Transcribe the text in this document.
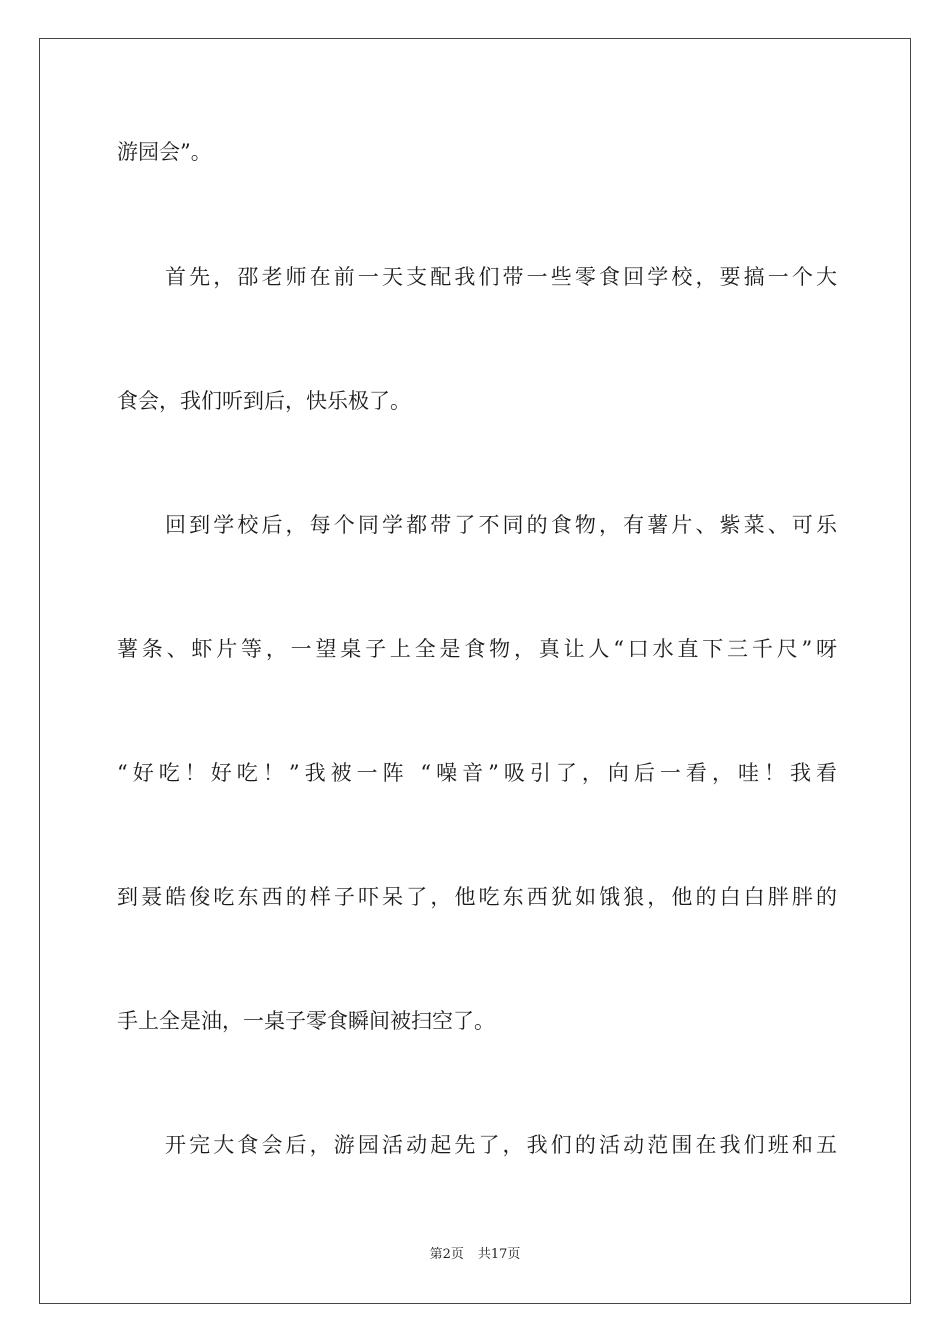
游园会”。
首先，邵老师在前一天支配我们带一些零食回学校，要搞一个大
食会，我们听到后，快乐极了。
回到学校后，每个同学都带了不同的食物，有薯片、紫菜、可乐
薯条、虾片等，一望桌子上全是食物，真让人“口水直下三千尺”呀
“好吃！好吃！”我被一阵 “噪音”吸引了，向后一看，哇！我看
到聂皓俊吃东西的样子吓呆了，他吃东西犹如饿狼，他的白白胖胖的
手上全是油，一桌子零食瞬间被扫空了。
开完大食会后，游园活动起先了，我们的活动范围在我们班和五
第2页 共17页
